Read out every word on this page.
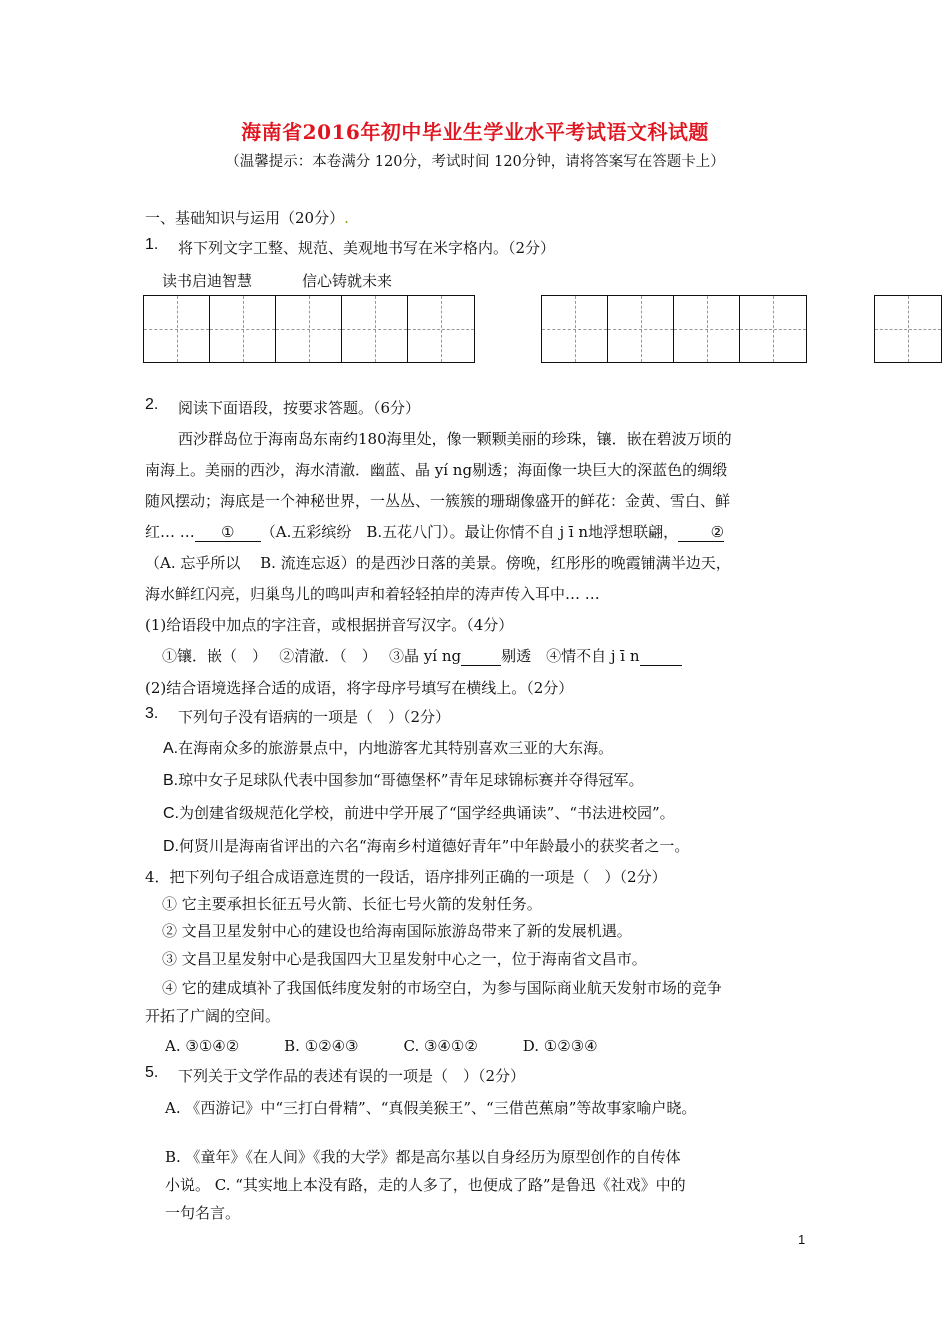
海南省2016年初中毕业生学业水平考试语文科试题
（温馨提示：本卷满分 120分，考试时间 120分钟，请将答案写在答题卡上）
一、基础知识与运用（20分）.
1. 将下列文字工整、规范、美观地书写在米字格内。（2分）
读书启迪智慧	信心铸就未来
2. 阅读下面语段，按要求答题。（6分）
西沙群岛位于海南岛东南约180海里处，像一颗颗美丽的珍珠，镶．嵌在碧波万顷的
南海上。美丽的西沙，海水清澈．幽蓝、晶 yí ng剔透；海面像一块巨大的深蓝色的绸缎
随风摆动；海底是一个神秘世界，一丛丛、一簇簇的珊瑚像盛开的鲜花：金黄、雪白、鲜
红… … ① （A.五彩缤纷　B.五花八门）。最让你情不自 j ī n地浮想联翩， ②
（A. 忘乎所以　 B. 流连忘返）的是西沙日落的美景。傍晚，红彤彤的晚霞铺满半边天，
海水鲜红闪亮，归巢鸟儿的鸣叫声和着轻轻拍岸的涛声传入耳中… …
(1)给语段中加点的字注音，或根据拼音写汉字。（4分）
①镶．嵌（　）　 ②清澈．（　）　 ③晶 yí ng	剔透　④情不自 j ī n
(2)结合语境选择合适的成语，将字母序号填写在横线上。（2分）
3. 下列句子没有语病的一项是（　）（2分）
A.在海南众多的旅游景点中，内地游客尤其特别喜欢三亚的大东海。
B.琼中女子足球队代表中国参加“哥德堡杯”青年足球锦标赛并夺得冠军。
C.为创建省级规范化学校，前进中学开展了“国学经典诵读”、“书法进校园”。
D.何贤川是海南省评出的六名“海南乡村道德好青年”中年龄最小的获奖者之一。
4．把下列句子组合成语意连贯的一段话，语序排列正确的一项是（　）（2分）
① 它主要承担长征五号火箭、长征七号火箭的发射任务。
② 文昌卫星发射中心的建设也给海南国际旅游岛带来了新的发展机遇。
③ 文昌卫星发射中心是我国四大卫星发射中心之一，位于海南省文昌市。
④ 它的建成填补了我国低纬度发射的市场空白，为参与国际商业航天发射市场的竞争
开拓了广阔的空间。
A. ③①④②　　　B. ①②④③　　　C. ③④①②　　　D. ①②③④
5. 下列关于文学作品的表述有误的一项是（　）（2分）
A. 《西游记》中“三打白骨精”、“真假美猴王”、“三借芭蕉扇”等故事家喻户晓。
B. 《童年》《在人间》《我的大学》都是高尔基以自身经历为原型创作的自传体
小说。 C. “其实地上本没有路，走的人多了，也便成了路”是鲁迅《社戏》中的
一句名言。
1
